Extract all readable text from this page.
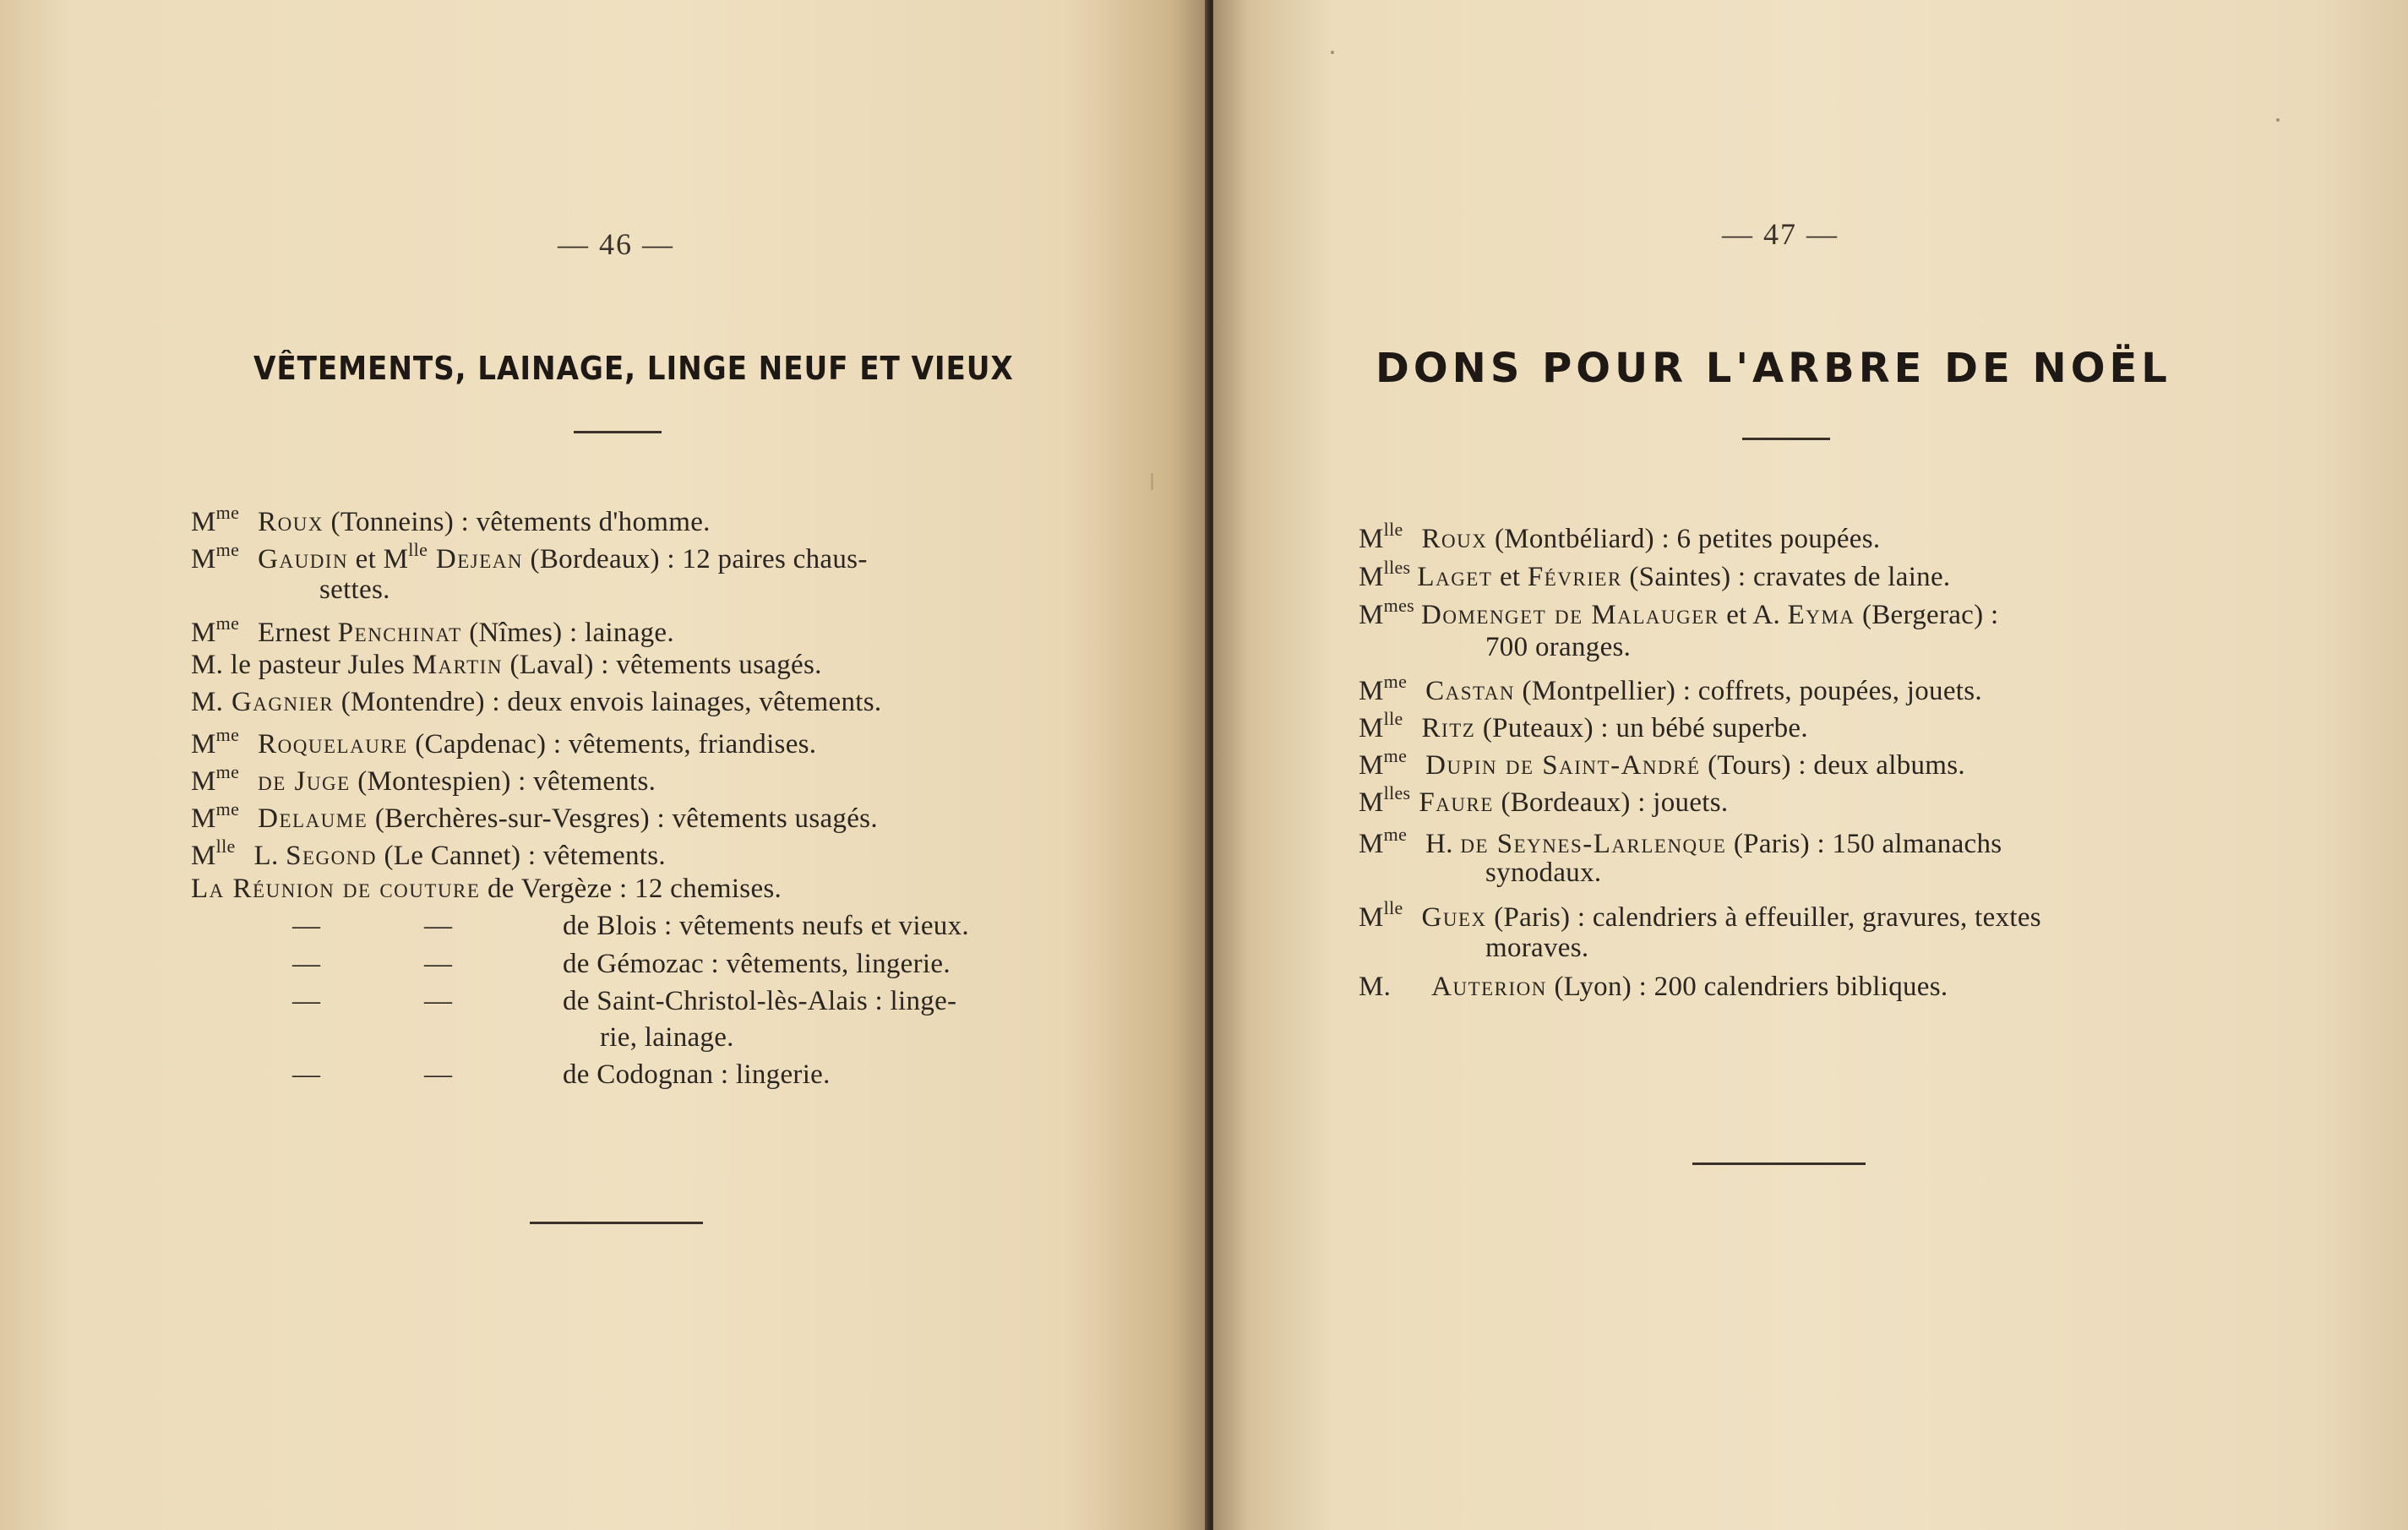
— 46 —
VÊTEMENTS, LAINAGE, LINGE NEUF ET VIEUX
$M^{me}$ Roux (Tonneins) : vêtements d'homme.
$M^{me}$ Gaudin et $M^{lle}$ Dejean (Bordeaux) : 12 paires chaus-
settes.
$M^{me}$ Ernest Penchinat (Nîmes) : lainage.
M. le pasteur Jules Martin (Laval) : vêtements usagés.
M. Gagnier (Montendre) : deux envois lainages, vêtements.
$M^{me}$ Roquelaure (Capdenac) : vêtements, friandises.
$M^{me}$ de Juge (Montespien) : vêtements.
$M^{me}$ Delaume (Berchères-sur-Vesgres) : vêtements usagés.
$M^{lle}$ L. Segond (Le Cannet) : vêtements.
La Réunion de couture de Vergèze : 12 chemises.
—	—	de Blois : vêtements neufs et vieux.
—	—	de Gémozac : vêtements, lingerie.
—	—	de Saint-Christol-lès-Alais : linge-
rie, lainage.
—	—	de Codognan : lingerie.
— 47 —
DONS POUR L'ARBRE DE NOËL
$M^{lle}$ Roux (Montbéliard) : 6 petites poupées.
$M^{lles}$ Laget et Février (Saintes) : cravates de laine.
$M^{mes}$ Domenget de Malauger et A. Eyma (Bergerac) :
700 oranges.
$M^{me}$ Castan (Montpellier) : coffrets, poupées, jouets.
$M^{lle}$ Ritz (Puteaux) : un bébé superbe.
$M^{me}$ Dupin de Saint-André (Tours) : deux albums.
$M^{lles}$ Faure (Bordeaux) : jouets.
$M^{me}$ H. de Seynes-Larlenque (Paris) : 150 almanachs
synodaux.
$M^{lle}$ Guex (Paris) : calendriers à effeuiller, gravures, textes
moraves.
M. Auterion (Lyon) : 200 calendriers bibliques.
